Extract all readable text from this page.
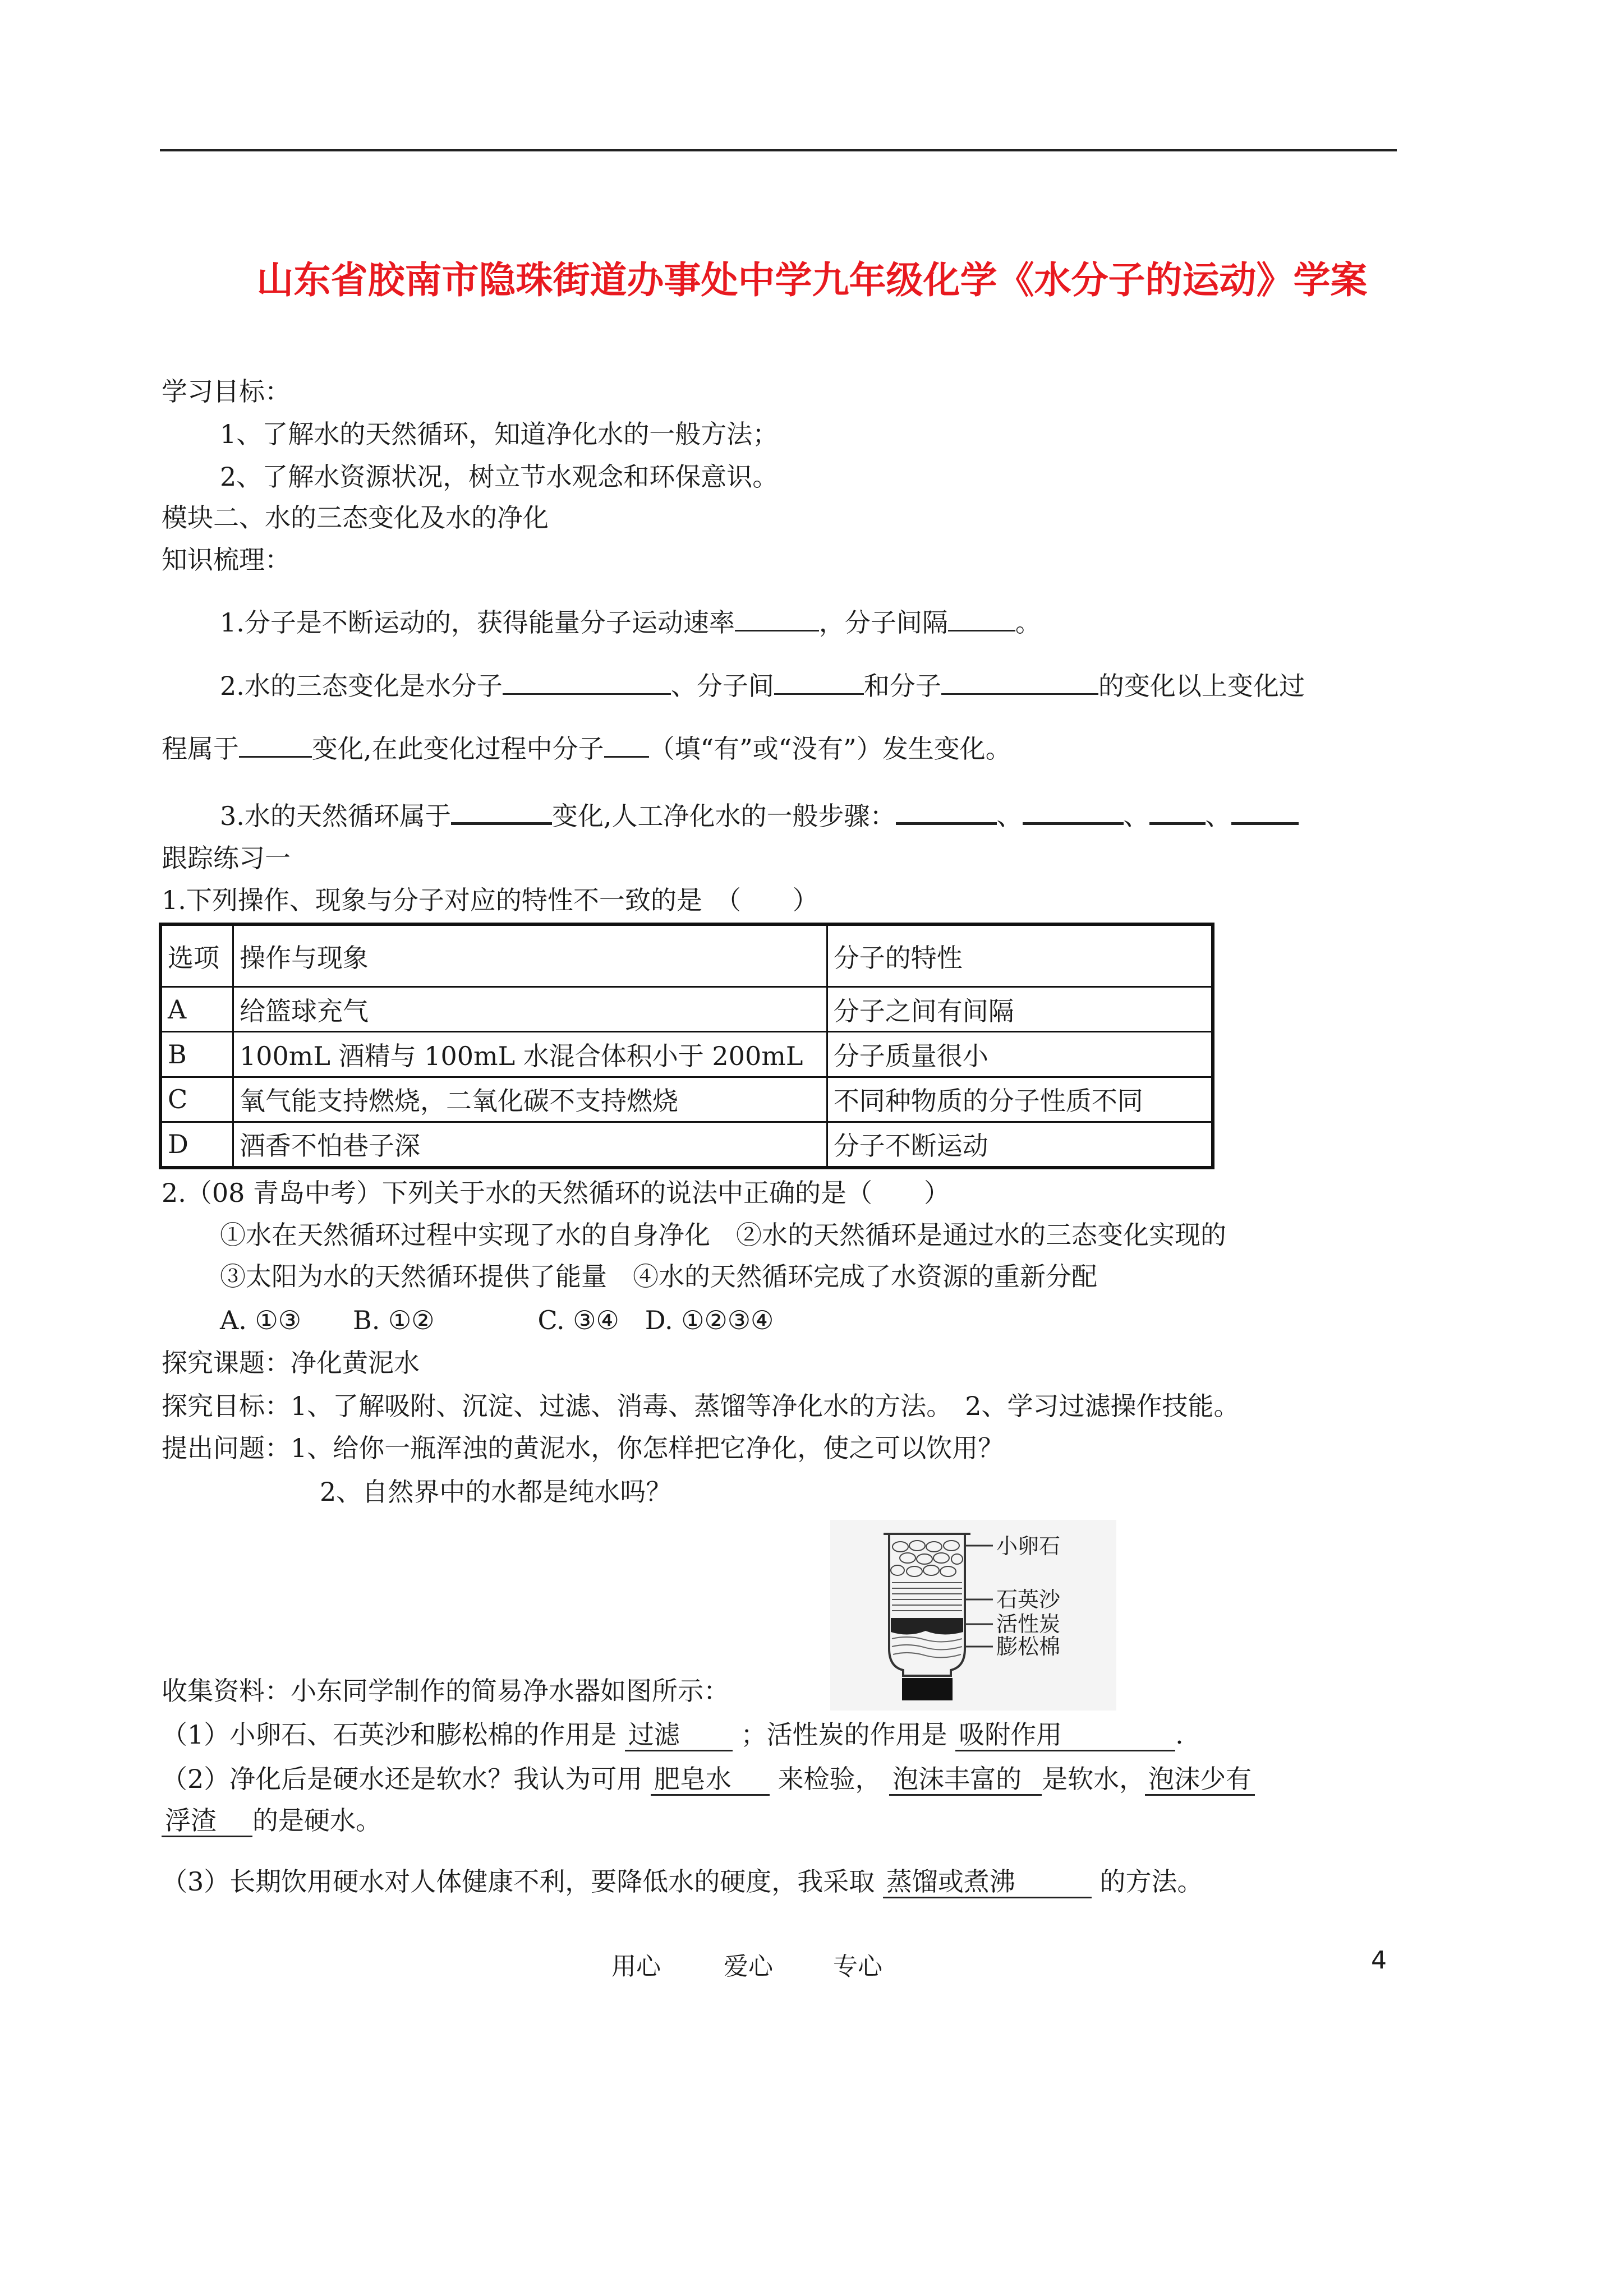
山东省胶南市隐珠街道办事处中学九年级化学《水分子的运动》学案
学习目标：
1、了解水的天然循环，知道净化水的一般方法；
2、了解水资源状况，树立节水观念和环保意识。
模块二、水的三态变化及水的净化
知识梳理：
1.分子是不断运动的，获得能量分子运动速率	，分子间隔	。
2.水的三态变化是水分子	、分子间	和分子	的变化以上变化过
程属于	变化,在此变化过程中分子 （填“有”或“没有”）发生变化。
3.水的天然循环属于	变化,人工净化水的一般步骤：	、	、 、
跟踪练习一
1.下列操作、现象与分子对应的特性不一致的是　（　　）
选项	操作与现象	分子的特性
A	给篮球充气	分子之间有间隔
B	100mL 酒精与 100mL 水混合体积小于 200mL	分子质量很小
C	氧气能支持燃烧，二氧化碳不支持燃烧	不同种物质的分子性质不同
D	酒香不怕巷子深	分子不断运动
2.（08 青岛中考）下列关于水的天然循环的说法中正确的是（　　）
①水在天然循环过程中实现了水的自身净化　②水的天然循环是通过水的三态变化实现的
③太阳为水的天然循环提供了能量　④水的天然循环完成了水资源的重新分配
A. ①③　　B. ①②　　　　C. ③④　D. ①②③④
探究课题：净化黄泥水
探究目标：1、了解吸附、沉淀、过滤、消毒、蒸馏等净化水的方法。　2、学习过滤操作技能。
提出问题：1、给你一瓶浑浊的黄泥水，你怎样把它净化，使之可以饮用？
2、自然界中的水都是纯水吗？
小卵石
石英沙
活性炭
膨松棉
收集资料：小东同学制作的简易净水器如图所示：
（1）小卵石、石英沙和膨松棉的作用是 过滤 ；活性炭的作用是 吸附作用	.
（2）净化后是硬水还是软水？我认为可用 肥皂水 来检验， 泡沫丰富的 是软水， 泡沫少有
浮渣 的是硬水。
（3）长期饮用硬水对人体健康不利，要降低水的硬度，我采取 蒸馏或煮沸	的方法。
用心	爱心 专心	4
